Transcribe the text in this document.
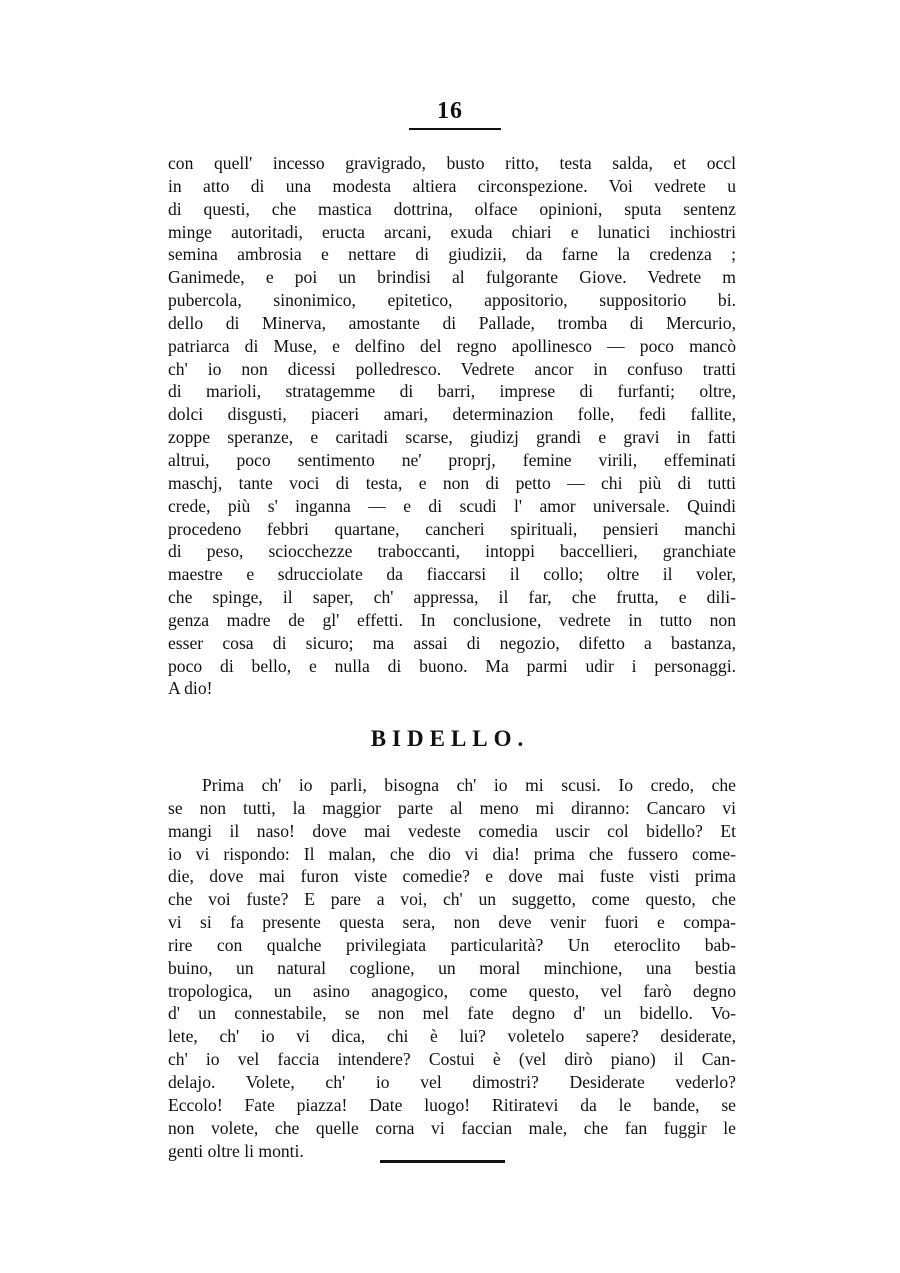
16
con quell' incesso gravigrado, busto ritto, testa salda, et occl
in atto di una modesta altiera circonspezione. Voi vedrete u
di questi, che mastica dottrina, olface opinioni, sputa sentenz
minge autoritadi, eructa arcani, exuda chiari e lunatici inchiostri
semina ambrosia e nettare di giudizii, da farne la credenza ;
Ganimede, e poi un brindisi al fulgorante Giove. Vedrete m
pubercola, sinonimico, epitetico, appositorio, suppositorio bi.
dello di Minerva, amostante di Pallade, tromba di Mercurio,
patriarca di Muse, e delfino del regno apollinesco — poco mancò
ch' io non dicessi polledresco. Vedrete ancor in confuso tratti
di marioli, stratagemme di barri, imprese di furfanti; oltre,
dolci disgusti, piaceri amari, determinazion folle, fedi fallite,
zoppe speranze, e caritadi scarse, giudizj grandi e gravi in fatti
altrui, poco sentimento ne' proprj, femine virili, effeminati
maschj, tante voci di testa, e non di petto — chi più di tutti
crede, più s' inganna — e di scudi l' amor universale. Quindi
procedeno febbri quartane, cancheri spirituali, pensieri manchi
di peso, sciocchezze traboccanti, intoppi baccellieri, granchiate
maestre e sdrucciolate da fiaccarsi il collo; oltre il voler,
che spinge, il saper, ch' appressa, il far, che frutta, e dili-
genza madre de gl' effetti. In conclusione, vedrete in tutto non
esser cosa di sicuro; ma assai di negozio, difetto a bastanza,
poco di bello, e nulla di buono. Ma parmi udir i personaggi.
A dio!
BIDELLO.
Prima ch' io parli, bisogna ch' io mi scusi. Io credo, che
se non tutti, la maggior parte al meno mi diranno: Cancaro vi
mangi il naso! dove mai vedeste comedia uscir col bidello? Et
io vi rispondo: Il malan, che dio vi dia! prima che fussero come-
die, dove mai furon viste comedie? e dove mai fuste visti prima
che voi fuste? E pare a voi, ch' un suggetto, come questo, che
vi si fa presente questa sera, non deve venir fuori e compa-
rire con qualche privilegiata particularità? Un eteroclito bab-
buino, un natural coglione, un moral minchione, una bestia
tropologica, un asino anagogico, come questo, vel farò degno
d' un connestabile, se non mel fate degno d' un bidello. Vo-
lete, ch' io vi dica, chi è lui? voletelo sapere? desiderate,
ch' io vel faccia intendere? Costui è (vel dirò piano) il Can-
delajo. Volete, ch' io vel dimostri? Desiderate vederlo?
Eccolo! Fate piazza! Date luogo! Ritiratevi da le bande, se
non volete, che quelle corna vi faccian male, che fan fuggir le
genti oltre li monti.
